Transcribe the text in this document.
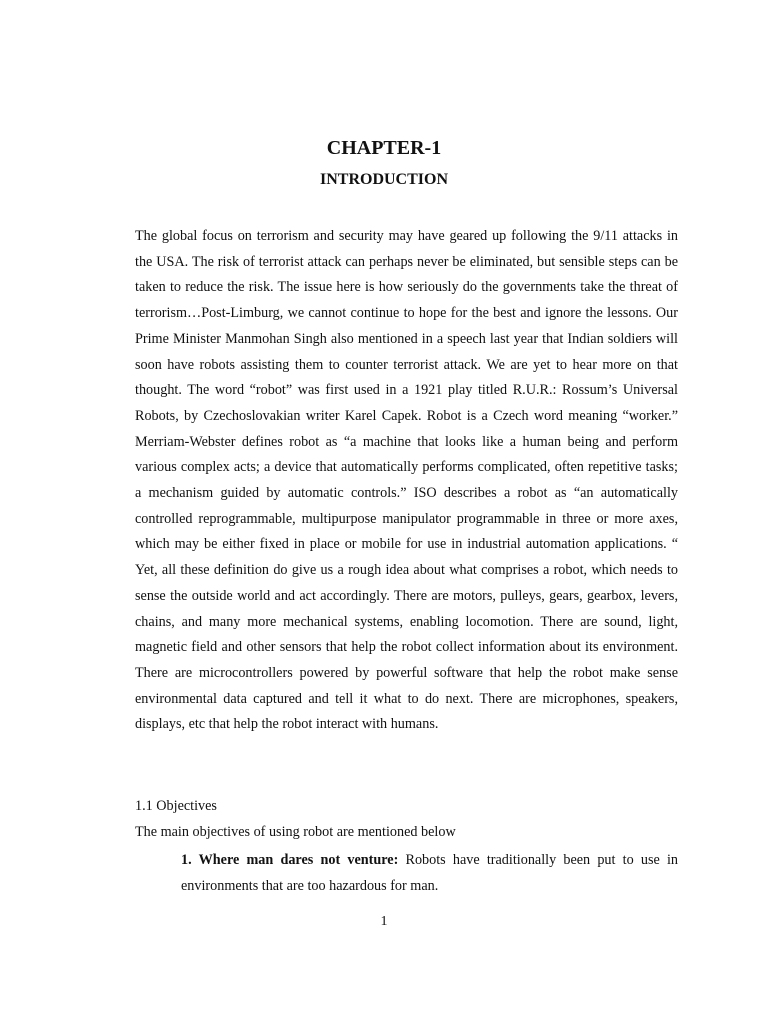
CHAPTER-1
INTRODUCTION

The global focus on terrorism and security may have geared up following the 9/11 attacks in the USA. The risk of terrorist attack can perhaps never be eliminated, but sensible steps can be taken to reduce the risk. The issue here is how seriously do the governments take the threat of terrorism…Post-Limburg, we cannot continue to hope for the best and ignore the lessons. Our Prime Minister Manmohan Singh also mentioned in a speech last year that Indian soldiers will soon have robots assisting them to counter terrorist attack. We are yet to hear more on that thought. The word “robot” was first used in a 1921 play titled R.U.R.: Rossum’s Universal Robots, by Czechoslovakian writer Karel Capek. Robot is a Czech word meaning “worker.” Merriam-Webster defines robot as “a machine that looks like a human being and perform various complex acts; a device that automatically performs complicated, often repetitive tasks; a mechanism guided by automatic controls.” ISO describes a robot as “an automatically controlled reprogrammable, multipurpose manipulator programmable in three or more axes, which may be either fixed in place or mobile for use in industrial automation applications. “ Yet, all these definition do give us a rough idea about what comprises a robot, which needs to sense the outside world and act accordingly. There are motors, pulleys, gears, gearbox, levers, chains, and many more mechanical systems, enabling locomotion. There are sound, light, magnetic field and other sensors that help the robot collect information about its environment. There are microcontrollers powered by powerful software that help the robot make sense environmental data captured and tell it what to do next. There are microphones, speakers, displays, etc that help the robot interact with humans.

1.1 Objectives

The main objectives of using robot are mentioned below

1. Where man dares not venture: Robots have traditionally been put to use in environments that are too hazardous for man.

1
